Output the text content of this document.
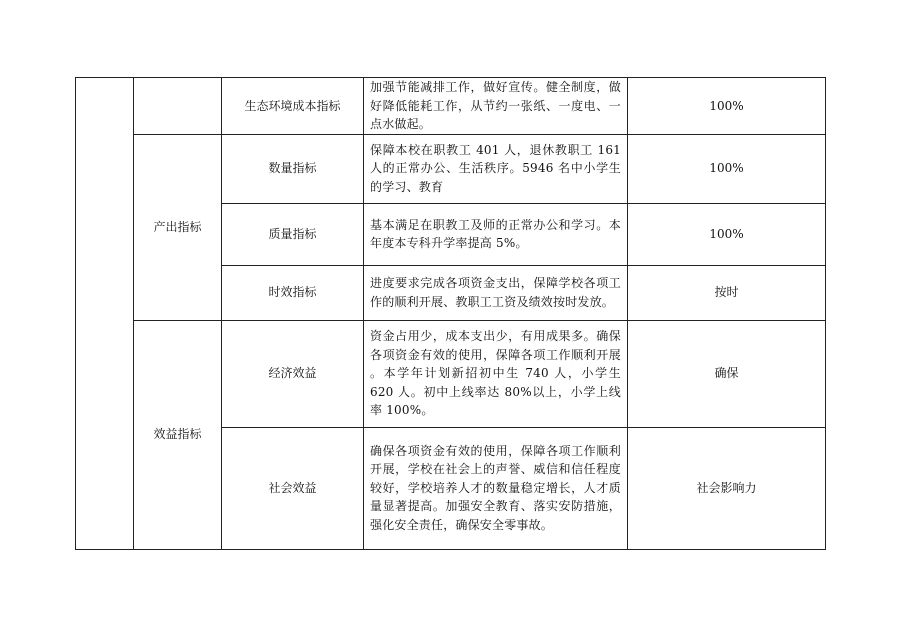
		生态环境成本指标	加强节能减排工作，做好宣传。健全制度，做好降低能耗工作，从节约一张纸、一度电、一点水做起。	100%
	产出指标	数量指标	保障本校在职教工 401 人，退休教职工 161 人的正常办公、生活秩序。5946 名中小学生的学习、教育	100%
		质量指标	基本满足在职教工及师的正常办公和学习。本年度本专科升学率提高 5%。	100%
		时效指标	进度要求完成各项资金支出，保障学校各项工作的顺利开展、教职工工资及绩效按时发放。	按时
	效益指标	经济效益	资金占用少，成本支出少，有用成果多。确保各项资金有效的使用，保障各项工作顺利开展 。本学年计划新招初中生 740 人，小学生 620 人。初中上线率达 80%以上，小学上线率 100%。	确保
		社会效益	确保各项资金有效的使用，保障各项工作顺利开展，学校在社会上的声誉、威信和信任程度较好，学校培养人才的数量稳定增长，人才质量显著提高。加强安全教育、落实安防措施，强化安全责任，确保安全零事故。	社会影响力
